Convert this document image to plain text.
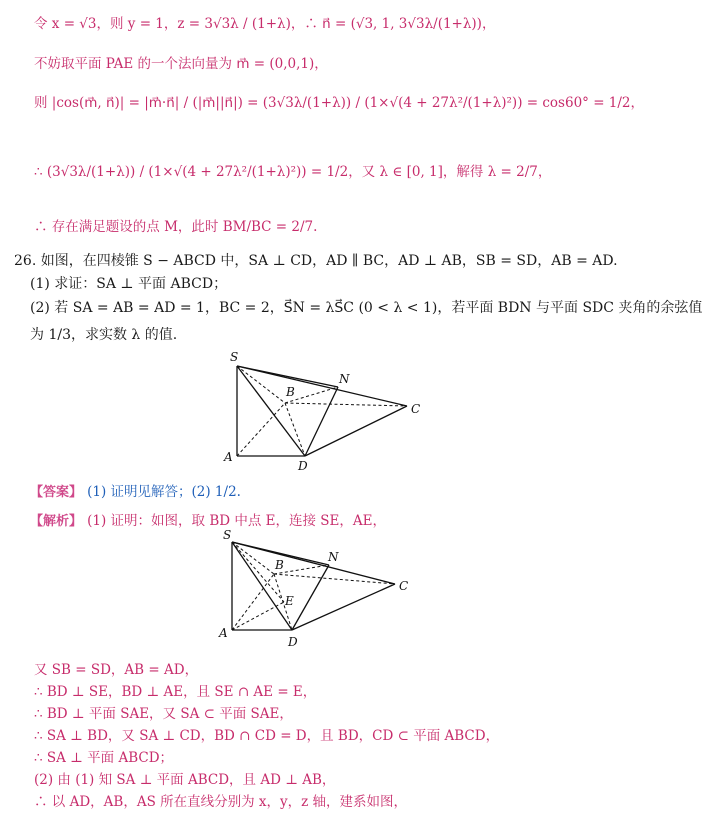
令 x = √3，则 y = 1，z = 3√3λ / (1+λ)，∴ n⃗ = (√3, 1, 3√3λ/(1+λ))，
不妨取平面 PAE 的一个法向量为 m⃗ = (0,0,1)，
则 |cos(m⃗, n⃗)| = |m⃗·n⃗| / (|m⃗||n⃗|) = (3√3λ/(1+λ)) / (1×√(4 + 27λ²/(1+λ)²)) = cos60° = 1/2，
∴ (3√3λ/(1+λ)) / (1×√(4 + 27λ²/(1+λ)²)) = 1/2，又 λ ∈ [0, 1]，解得 λ = 2/7，
∴ 存在满足题设的点 M，此时 BM/BC = 2/7.
26. 如图，在四棱锥 S − ABCD 中，SA ⊥ CD，AD ∥ BC，AD ⊥ AB，SB = SD，AB = AD.
(1) 求证：SA ⊥ 平面 ABCD；
(2) 若 SA = AB = AD = 1，BC = 2，S⃗N = λS⃗C (0 < λ < 1)，若平面 BDN 与平面 SDC 夹角的余弦值
为 1/3，求实数 λ 的值.
S
B
N
C
A
D
【答案】 (1) 证明见解答；(2) 1/2.
【解析】 (1) 证明：如图，取 BD 中点 E，连接 SE，AE，
S
B
N
C
A
D
E
又 SB = SD，AB = AD，
∴ BD ⊥ SE，BD ⊥ AE，且 SE ∩ AE = E，
∴ BD ⊥ 平面 SAE，又 SA ⊂ 平面 SAE，
∴ SA ⊥ BD，又 SA ⊥ CD，BD ∩ CD = D，且 BD，CD ⊂ 平面 ABCD，
∴ SA ⊥ 平面 ABCD；
(2) 由 (1) 知 SA ⊥ 平面 ABCD，且 AD ⊥ AB，
∴ 以 AD，AB，AS 所在直线分别为 x，y，z 轴，建系如图，
